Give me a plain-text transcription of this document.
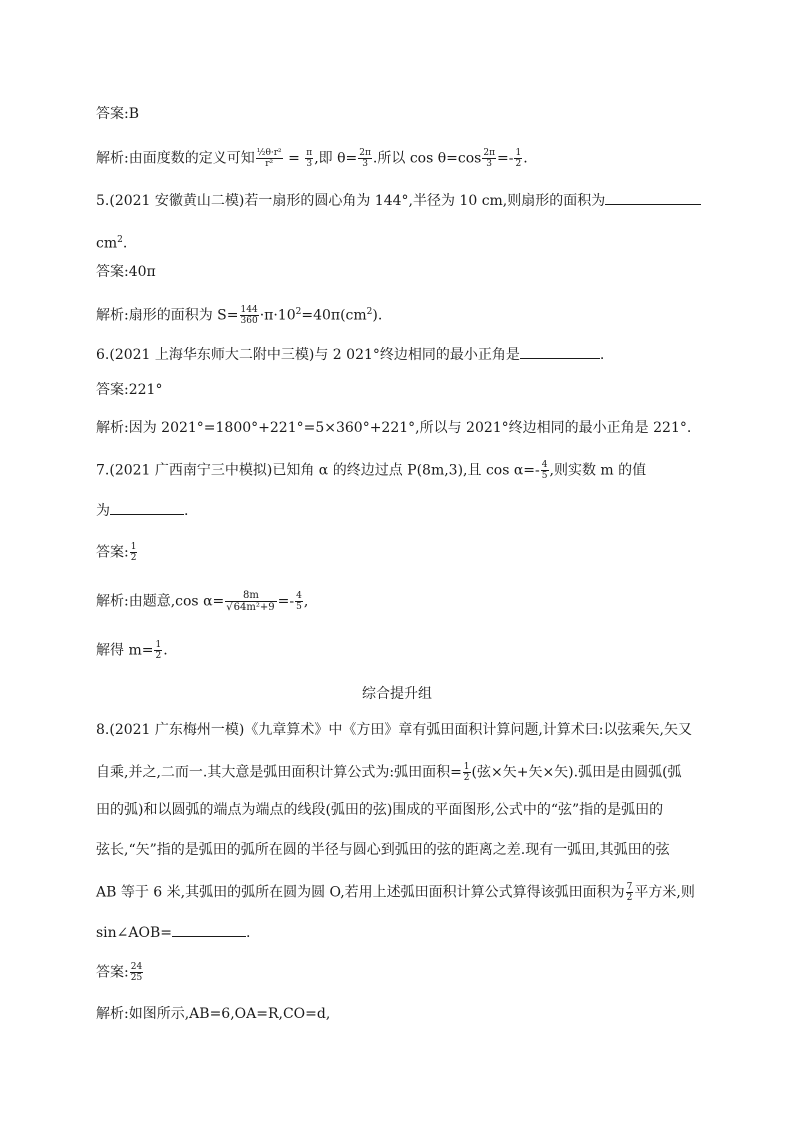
答案:B
解析:由面度数的定义可知 $\frac{\text{½θ·r²}}{\text{r²}} = \frac{\pi}{3}$ ,即 $\theta= \frac{2\pi}{3}$ .所以 $\cos \theta=\cos \frac{2\pi}{3} =- \frac{1}{2}$ .
5.(2021 安徽黄山二模)若一扇形的圆心角为 144°,半径为 10 cm,则扇形的面积为
$cm^2$.
答案:40π
解析:扇形的面积为 $S= \frac{144}{360} \cdot\pi\cdot 10^2=40\pi(cm^2)$.
6.(2021 上海华东师大二附中三模)与 2 021°终边相同的最小正角是	.
答案:221°
解析:因为 2021°=1800°+221°=5×360°+221°,所以与 2021°终边相同的最小正角是 221°.
7.(2021 广西南宁三中模拟)已知角 α 的终边过点 P(8m,3),且 $\cos \alpha=- \frac{4}{5}$ ,则实数 m 的值
为	.
答案: $\frac{1}{2}$
解析:由题意,cos $\alpha= \frac{8m}{\text{√64m²+9}} =- \frac{4}{5}$ ,
解得 $m= \frac{1}{2}$ .
综合提升组
8.(2021 广东梅州一模)《九章算术》中《方田》章有弧田面积计算问题,计算术曰:以弦乘矢,矢又
自乘,并之,二而一.其大意是弧田面积计算公式为:弧田面积= $\frac{1}{2}$ (弦×矢+矢×矢).弧田是由圆弧(弧
田的弧)和以圆弧的端点为端点的线段(弧田的弦)围成的平面图形,公式中的“弦”指的是弧田的
弦长,“矢”指的是弧田的弧所在圆的半径与圆心到弧田的弦的距离之差.现有一弧田,其弧田的弦
AB 等于 6 米,其弧田的弧所在圆为圆 O,若用上述弧田面积计算公式算得该弧田面积为 $\frac{7}{2}$ 平方米,则
sin∠AOB=	.
答案: $\frac{24}{25}$
解析:如图所示,AB=6,OA=R,CO=d,
